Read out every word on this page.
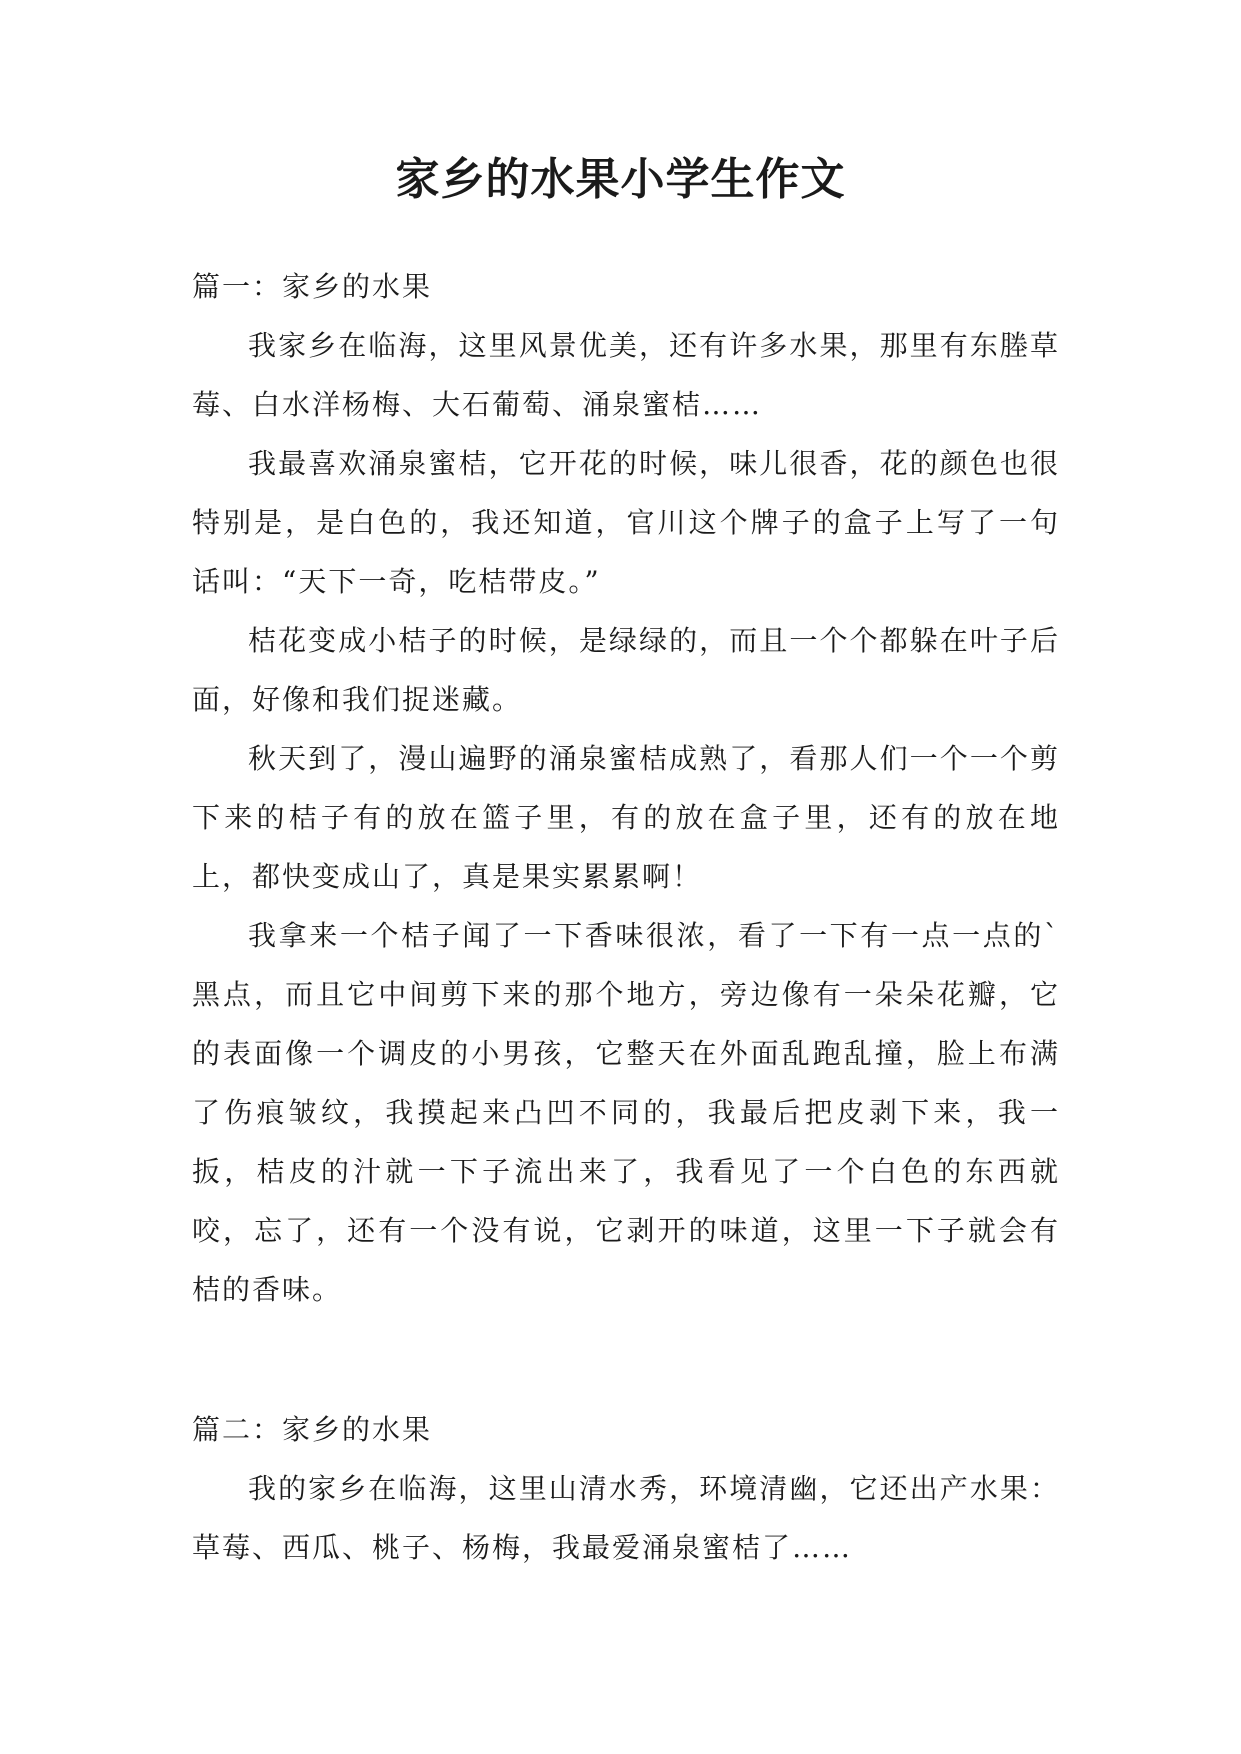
家乡的水果小学生作文
篇一：家乡的水果

我家乡在临海，这里风景优美，还有许多水果，那里有东塍草莓、白水洋杨梅、大石葡萄、涌泉蜜桔……

我最喜欢涌泉蜜桔，它开花的时候，味儿很香，花的颜色也很特别是，是白色的，我还知道，官川这个牌子的盒子上写了一句话叫：“天下一奇，吃桔带皮。”

桔花变成小桔子的时候，是绿绿的，而且一个个都躲在叶子后面，好像和我们捉迷藏。

秋天到了，漫山遍野的涌泉蜜桔成熟了，看那人们一个一个剪下来的桔子有的放在篮子里，有的放在盒子里，还有的放在地上，都快变成山了，真是果实累累啊！

我拿来一个桔子闻了一下香味很浓，看了一下有一点一点的`黑点，而且它中间剪下来的那个地方，旁边像有一朵朵花瓣，它的表面像一个调皮的小男孩，它整天在外面乱跑乱撞，脸上布满了伤痕皱纹，我摸起来凸凹不同的，我最后把皮剥下来，我一扳，桔皮的汁就一下子流出来了，我看见了一个白色的东西就咬，忘了，还有一个没有说，它剥开的味道，这里一下子就会有桔的香味。

篇二：家乡的水果

我的家乡在临海，这里山清水秀，环境清幽，它还出产水果：草莓、西瓜、桃子、杨梅，我最爱涌泉蜜桔了……
